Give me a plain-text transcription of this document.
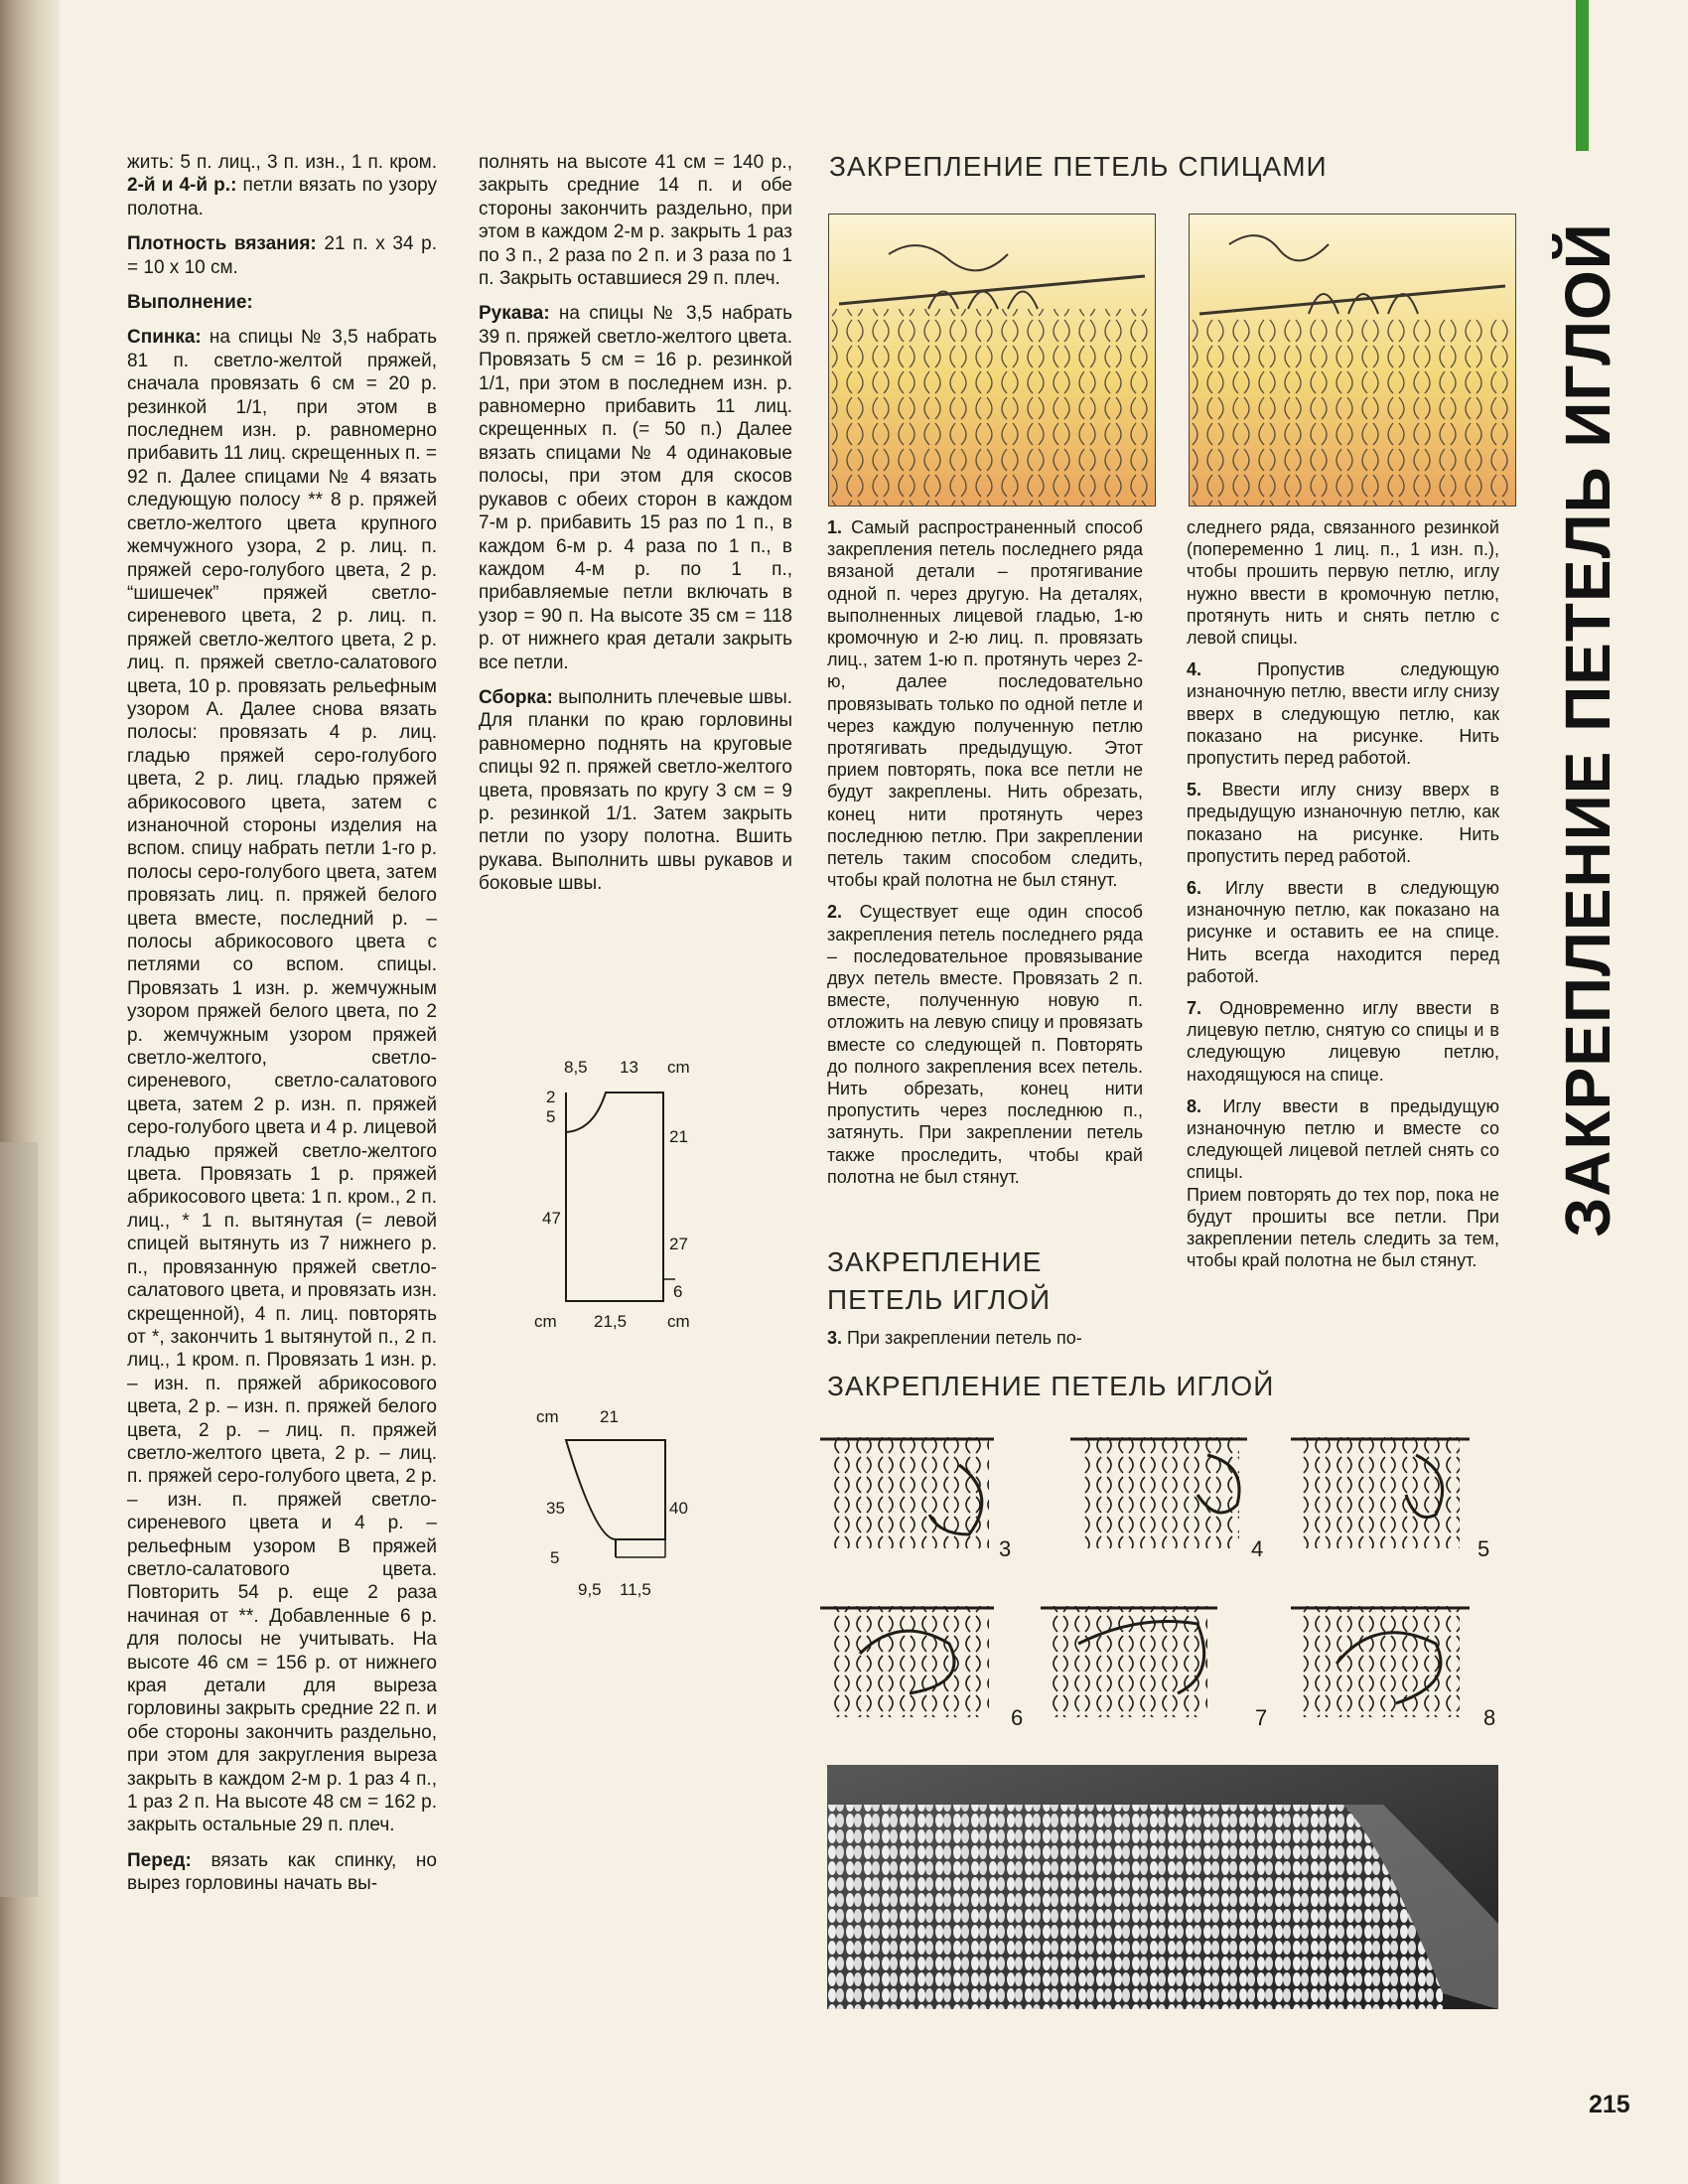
жить: 5 п. лиц., 3 п. изн., 1 п. кром. 2-й и 4-й р.: петли вязать по узору полотна.

Плотность вязания: 21 п. x 34 р. = 10 x 10 см.

Выполнение:

Спинка: на спицы № 3,5 набрать 81 п. светло-желтой пряжей, сначала провязать 6 см = 20 р. резинкой 1/1, при этом в последнем изн. р. равномерно прибавить 11 лиц. скрещенных п. = 92 п. Далее спицами № 4 вязать следующую полосу ** 8 р. пряжей светло-желтого цвета крупного жемчужного узора, 2 р. лиц. п. пряжей серо-голубого цвета, 2 р. “шишечек” пряжей светло-сиреневого цвета, 2 р. лиц. п. пряжей светло-желтого цвета, 2 р. лиц. п. пряжей светло-салатового цвета, 10 р. провязать рельефным узором А. Далее снова вязать полосы: провязать 4 р. лиц. гладью пряжей серо-голубого цвета, 2 р. лиц. гладью пряжей абрикосового цвета, затем с изнаночной стороны изделия на вспом. спицу набрать петли 1-го р. полосы серо-голубого цвета, затем провязать лиц. п. пряжей белого цвета вместе, последний р. – полосы абрикосового цвета с петлями со вспом. спицы. Провязать 1 изн. р. жемчужным узором пряжей белого цвета, по 2 р. жемчужным узором пряжей светло-желтого, светло-сиреневого, светло-салатового цвета, затем 2 р. изн. п. пряжей серо-голубого цвета и 4 р. лицевой гладью пряжей светло-желтого цвета. Провязать 1 р. пряжей абрикосового цвета: 1 п. кром., 2 п. лиц., * 1 п. вытянутая (= левой спицей вытянуть из 7 нижнего р. п., провязанную пряжей светло-салатового цвета, и провязать изн. скрещенной), 4 п. лиц. повторять от *, закончить 1 вытянутой п., 2 п. лиц., 1 кром. п. Провязать 1 изн. р. – изн. п. пряжей абрикосового цвета, 2 р. – изн. п. пряжей белого цвета, 2 р. – лиц. п. пряжей светло-желтого цвета, 2 р. – лиц. п. пряжей серо-голубого цвета, 2 р. – изн. п. пряжей светло-сиреневого цвета и 4 р. – рельефным узором В пряжей светло-салатового цвета. Повторить 54 р. еще 2 раза начиная от **. Добавленные 6 р. для полосы не учитывать. На высоте 46 см = 156 р. от нижнего края детали для выреза горловины закрыть средние 22 п. и обе стороны закончить раздельно, при этом для закругления выреза закрыть в каждом 2-м р. 1 раз 4 п., 1 раз 2 п. На высоте 48 см = 162 р. закрыть остальные 29 п. плеч.

Перед: вязать как спинку, но вырез горловины начать вы-

полнять на высоте 41 см = 140 р., закрыть средние 14 п. и обе стороны закончить раздельно, при этом в каждом 2-м р. закрыть 1 раз по 3 п., 2 раза по 2 п. и 3 раза по 1 п. Закрыть оставшиеся 29 п. плеч.

Рукава: на спицы № 3,5 набрать 39 п. пряжей светло-желтого цвета. Провязать 5 см = 16 р. резинкой 1/1, при этом в последнем изн. р. равномерно прибавить 11 лиц. скрещенных п. (= 50 п.) Далее вязать спицами № 4 одинаковые полосы, при этом для скосов рукавов с обеих сторон в каждом 7-м р. прибавить 15 раз по 1 п., в каждом 6-м р. 4 раза по 1 п., в каждом 4-м р. по 1 п., прибавляемые петли включать в узор = 90 п. На высоте 35 см = 118 р. от нижнего края детали закрыть все петли.

Сборка: выполнить плечевые швы. Для планки по краю горловины равномерно поднять на круговые спицы 92 п. пряжей светло-желтого цвета, провязать по кругу 3 см = 9 р. резинкой 1/1. Затем закрыть петли по узору полотна. Вшить рукава. Выполнить швы рукавов и боковые швы.

8,5 13 cm
2
5
47
21
27
6
cm 21,5 cm
cm 21
35	40
5
9,5 11,5
ЗАКРЕПЛЕНИЕ ПЕТЕЛЬ СПИЦАМИ

1. Самый распространенный способ закрепления петель последнего ряда вязаной детали – протягивание одной п. через другую. На деталях, выполненных лицевой гладью, 1-ю кромочную и 2-ю лиц. п. провязать лиц., затем 1-ю п. протянуть через 2-ю, далее последовательно провязывать только по одной петле и через каждую полученную петлю протягивать предыдущую. Этот прием повторять, пока все петли не будут закреплены. Нить обрезать, конец нити протянуть через последнюю петлю. При закреплении петель таким способом следить, чтобы край полотна не был стянут.

2. Существует еще один способ закрепления петель последнего ряда – последовательное провязывание двух петель вместе. Провязать 2 п. вместе, полученную новую п. отложить на левую спицу и провязать вместе со следующей п. Повторять до полного закрепления всех петель. Нить обрезать, конец нити пропустить через последнюю п., затянуть. При закреплении петель также проследить, чтобы край полотна не был стянут.

ЗАКРЕПЛЕНИЕ ПЕТЕЛЬ ИГЛОЙ

3. При закреплении петель по-

следнего ряда, связанного резинкой (попеременно 1 лиц. п., 1 изн. п.), чтобы прошить первую петлю, иглу нужно ввести в кромочную петлю, протянуть нить и снять петлю с левой спицы.

4. Пропустив следующую изнаночную петлю, ввести иглу снизу вверх в следующую петлю, как показано на рисунке. Нить пропустить перед работой.

5. Ввести иглу снизу вверх в предыдущую изнаночную петлю, как показано на рисунке. Нить пропустить перед работой.

6. Иглу ввести в следующую изнаночную петлю, как показано на рисунке и оставить ее на спице. Нить всегда находится перед работой.

7. Одновременно иглу ввести в лицевую петлю, снятую со спицы и в следующую лицевую петлю, находящуюся на спице.

8. Иглу ввести в предыдущую изнаночную петлю и вместе со следующей лицевой петлей снять со спицы.
Прием повторять до тех пор, пока не будут прошиты все петли. При закреплении петель следить за тем, чтобы край полотна не был стянут.

ЗАКРЕПЛЕНИЕ ПЕТЕЛЬ ИГЛОЙ
3	4	5
6	7	8
ЗАКРЕПЛЕНИЕ ПЕТЕЛЬ ИГЛОЙ
215
